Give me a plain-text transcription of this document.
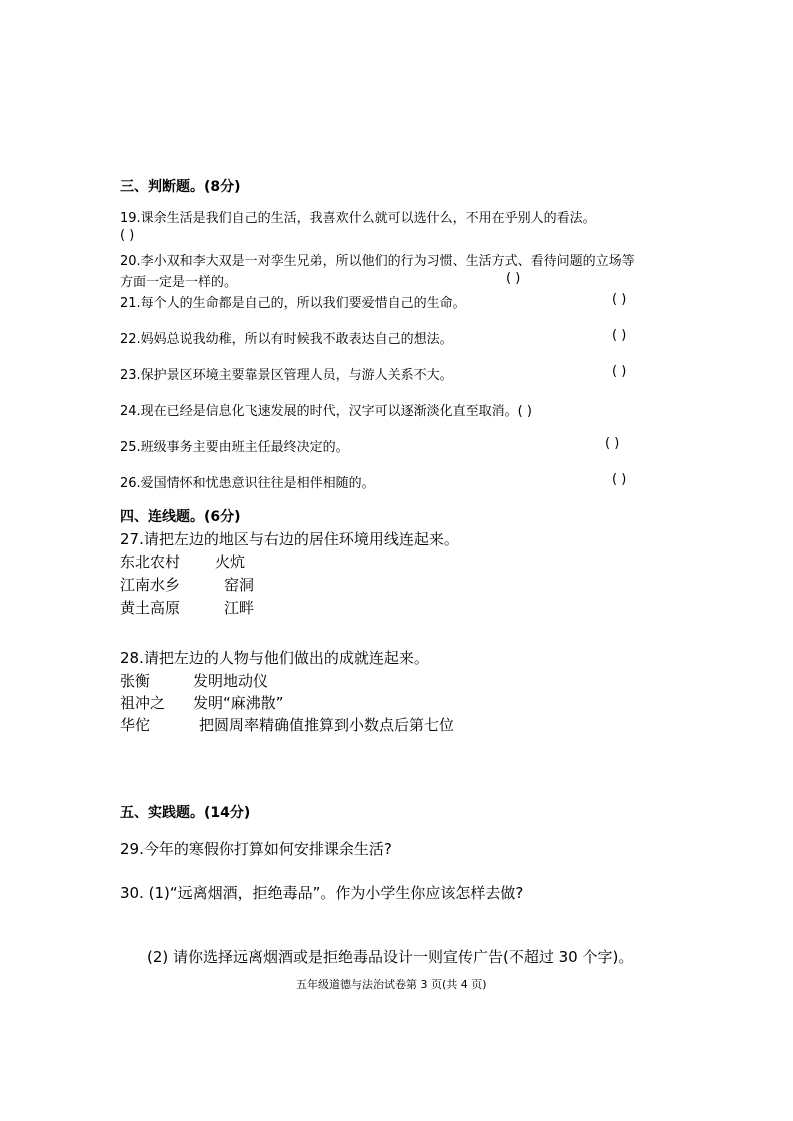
三、判断题。(8分)
19.课余生活是我们自己的生活，我喜欢什么就可以选什么，不用在乎别人的看法。
( )
20.李小双和李大双是一对孪生兄弟，所以他们的行为习惯、生活方式、看待问题的立场等
方面一定是一样的。	( )
21.每个人的生命都是自己的，所以我们要爱惜自己的生命。	( )
22.妈妈总说我幼稚，所以有时候我不敢表达自己的想法。	( )
23.保护景区环境主要靠景区管理人员，与游人关系不大。	( )
24.现在已经是信息化飞速发展的时代，汉字可以逐渐淡化直至取消。( )
25.班级事务主要由班主任最终决定的。	( )
26.爱国情怀和忧患意识往往是相伴相随的。	( )
四、连线题。(6分)
27.请把左边的地区与右边的居住环境用线连起来。
东北农村 火炕
江南水乡	窑洞
黄土高原	江畔
28.请把左边的人物与他们做出的成就连起来。
张衡	发明地动仪
祖冲之 发明“麻沸散”
华佗	把圆周率精确值推算到小数点后第七位
五、实践题。(14分)
29.今年的寒假你打算如何安排课余生活?
30. (1)“远离烟酒，拒绝毒品”。作为小学生你应该怎样去做?
(2) 请你选择远离烟酒或是拒绝毒品设计一则宣传广告(不超过 30 个字)。
五年级道德与法治试卷第 3 页(共 4 页)
